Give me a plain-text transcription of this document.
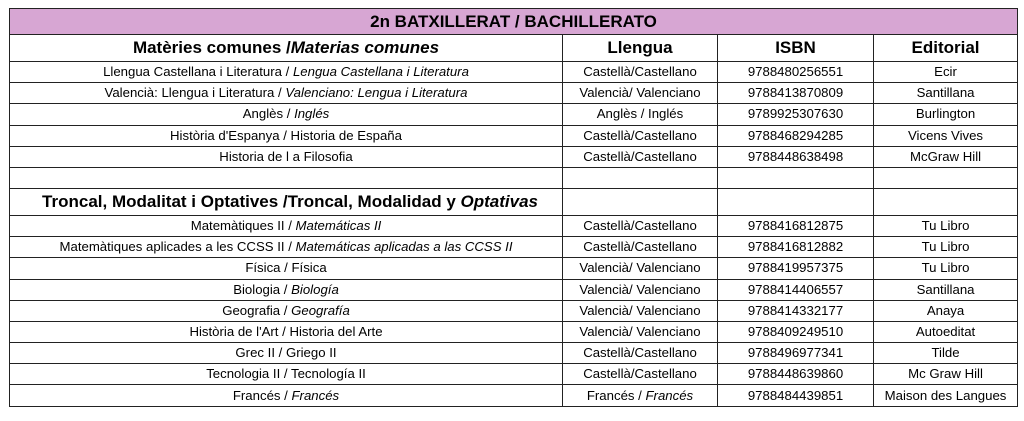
2n BATXILLERAT / BACHILLERATO			
Matèries comunes /Materias comunes	Llengua	ISBN	Editorial
Llengua Castellana i Literatura / Lengua Castellana i Literatura	Castellà/Castellano	9788480256551	Ecir
Valencià: Llengua i Literatura / Valenciano: Lengua i Literatura	Valencià/ Valenciano	9788413870809	Santillana
Anglès / Inglés	Anglès / Inglés	9789925307630	Burlington
Història d'Espanya / Historia de España	Castellà/Castellano	9788468294285	Vicens Vives
Historia de l a Filosofia	Castellà/Castellano	9788448638498	McGraw Hill

Troncal, Modalitat i Optatives /Troncal, Modalidad y Optativas			
Matemàtiques II / Matemáticas II	Castellà/Castellano	9788416812875	Tu Libro
Matemàtiques aplicades a les CCSS II / Matemáticas aplicadas a las CCSS II	Castellà/Castellano	9788416812882	Tu Libro
Física / Física	Valencià/ Valenciano	9788419957375	Tu Libro
Biologia / Biología	Valencià/ Valenciano	9788414406557	Santillana
Geografia / Geografía	Valencià/ Valenciano	9788414332177	Anaya
Història de l'Art / Historia del Arte	Valencià/ Valenciano	9788409249510	Autoeditat
Grec II / Griego II	Castellà/Castellano	9788496977341	Tilde
Tecnologia II / Tecnología II	Castellà/Castellano	9788448639860	Mc Graw Hill
Francés / Francés	Francés / Francés	9788484439851	Maison des Langues
